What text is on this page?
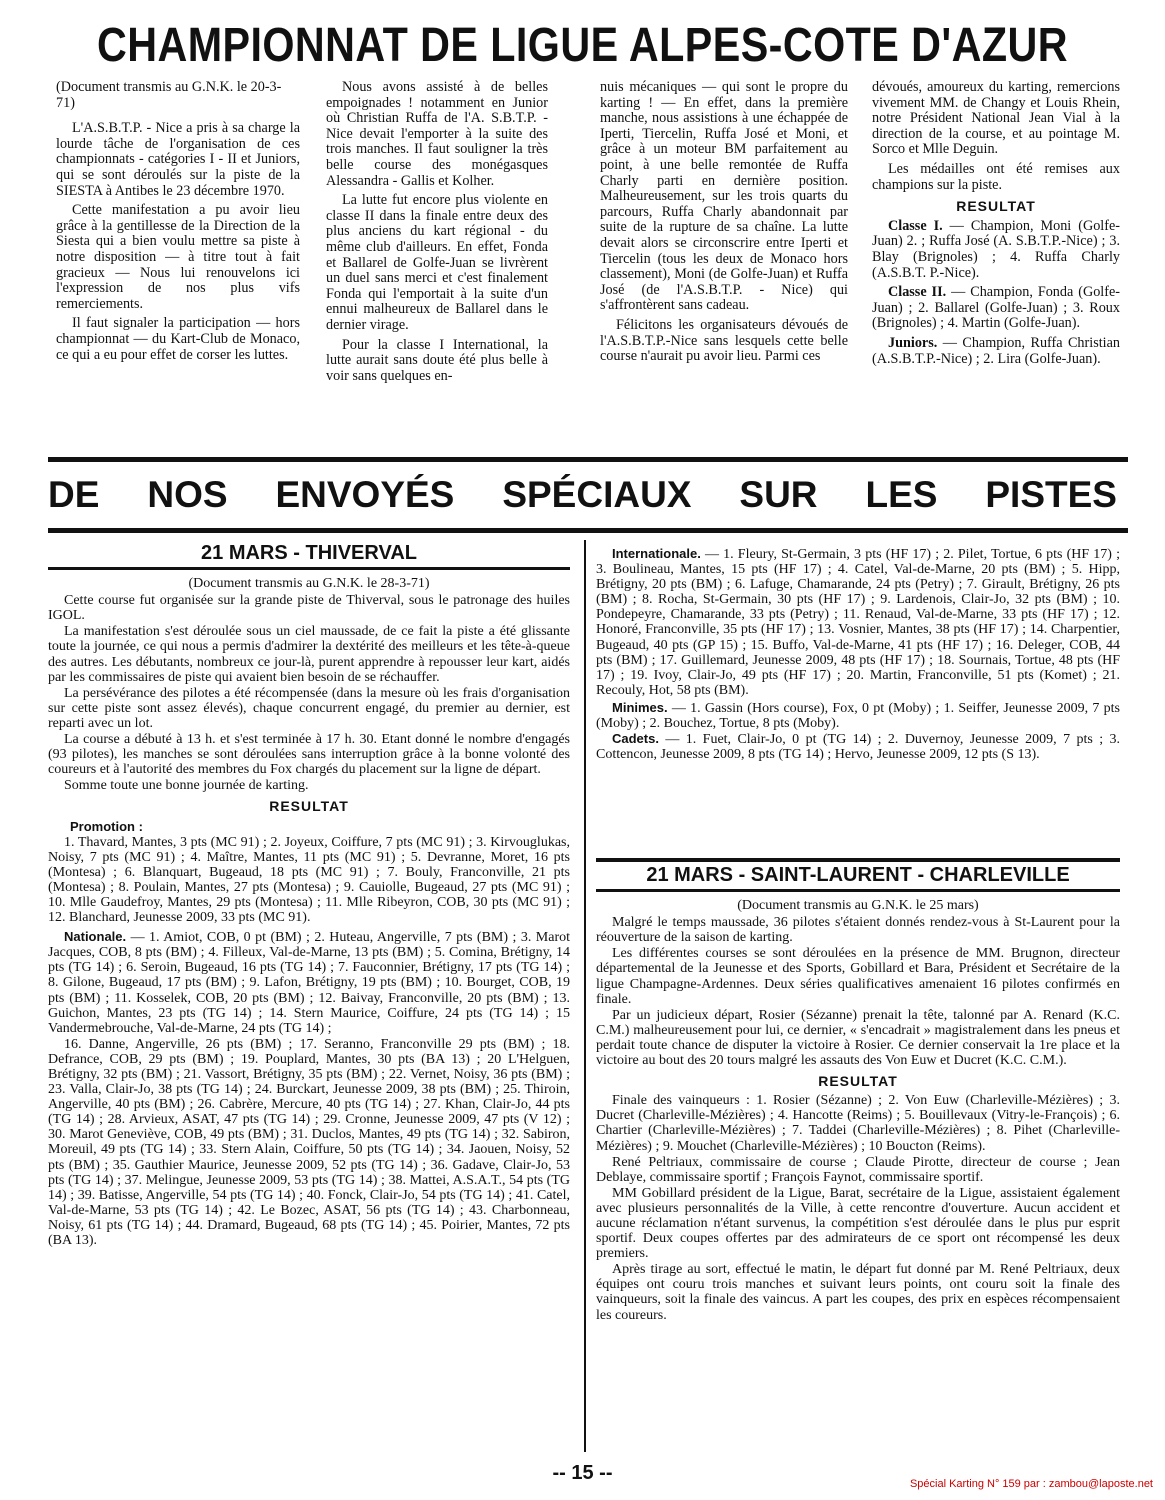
CHAMPIONNAT DE LIGUE ALPES-COTE D'AZUR

(Document transmis au G.N.K. le 20-3-71)

L'A.S.B.T.P. - Nice a pris à sa charge la lourde tâche de l'organisation de ces championnats - catégories I - II et Juniors, qui se sont déroulés sur la piste de la SIESTA à Antibes le 23 décembre 1970.

Cette manifestation a pu avoir lieu grâce à la gentillesse de la Direction de la Siesta qui a bien voulu mettre sa piste à notre disposition — à titre tout à fait gracieux — Nous lui renouvelons ici l'expression de nos plus vifs remerciements.

Il faut signaler la participation — hors championnat — du Kart-Club de Monaco, ce qui a eu pour effet de corser les luttes.

Nous avons assisté à de belles empoignades ! notamment en Junior où Christian Ruffa de l'A. S.B.T.P. - Nice devait l'emporter à la suite des trois manches. Il faut souligner la très belle course des monégasques Alessandra - Gallis et Kolher.

La lutte fut encore plus violente en classe II dans la finale entre deux des plus anciens du kart régional - du même club d'ailleurs. En effet, Fonda et Ballarel de Golfe-Juan se livrèrent un duel sans merci et c'est finalement Fonda qui l'emportait à la suite d'un ennui malheureux de Ballarel dans le dernier virage.

Pour la classe I International, la lutte aurait sans doute été plus belle à voir sans quelques en-

nuis mécaniques — qui sont le propre du karting ! — En effet, dans la première manche, nous assistions à une échappée de Iperti, Tiercelin, Ruffa José et Moni, et grâce à un moteur BM parfaitement au point, à une belle remontée de Ruffa Charly parti en dernière position. Malheureusement, sur les trois quarts du parcours, Ruffa Charly abandonnait par suite de la rupture de sa chaîne. La lutte devait alors se circonscrire entre Iperti et Tiercelin (tous les deux de Monaco hors classement), Moni (de Golfe-Juan) et Ruffa José (de l'A.S.B.T.P. - Nice) qui s'affrontèrent sans cadeau.

Félicitons les organisateurs dévoués de l'A.S.B.T.P.-Nice sans lesquels cette belle course n'aurait pu avoir lieu. Parmi ces

dévoués, amoureux du karting, remercions vivement MM. de Changy et Louis Rhein, notre Président National Jean Vial à la direction de la course, et au pointage M. Sorco et Mlle Deguin.

Les médailles ont été remises aux champions sur la piste.

RESULTAT

Classe I. — Champion, Moni (Golfe-Juan) 2. ; Ruffa José (A. S.B.T.P.-Nice) ; 3. Blay (Brignoles) ; 4. Ruffa Charly (A.S.B.T. P.-Nice).

Classe II. — Champion, Fonda (Golfe-Juan) ; 2. Ballarel (Golfe-Juan) ; 3. Roux (Brignoles) ; 4. Martin (Golfe-Juan).

Juniors. — Champion, Ruffa Christian (A.S.B.T.P.-Nice) ; 2. Lira (Golfe-Juan).

DE NOS ENVOYÉS SPÉCIAUX SUR LES PISTES
21 MARS - THIVERVAL
(Document transmis au G.N.K. le 28-3-71)

Cette course fut organisée sur la grande piste de Thiverval, sous le patronage des huiles IGOL.

La manifestation s'est déroulée sous un ciel maussade, de ce fait la piste a été glissante toute la journée, ce qui nous a permis d'admirer la dextérité des meilleurs et les tête-à-queue des autres. Les débutants, nombreux ce jour-là, purent apprendre à repousser leur kart, aidés par les commissaires de piste qui avaient bien besoin de se réchauffer.

La persévérance des pilotes a été récompensée (dans la mesure où les frais d'organisation sur cette piste sont assez élevés), chaque concurrent engagé, du premier au dernier, est reparti avec un lot.

La course a débuté à 13 h. et s'est terminée à 17 h. 30. Etant donné le nombre d'engagés (93 pilotes), les manches se sont déroulées sans interruption grâce à la bonne volonté des coureurs et à l'autorité des membres du Fox chargés du placement sur la ligne de départ.

Somme toute une bonne journée de karting.

RESULTAT

Promotion :

1. Thavard, Mantes, 3 pts (MC 91) ; 2. Joyeux, Coiffure, 7 pts (MC 91) ; 3. Kirvouglukas, Noisy, 7 pts (MC 91) ; 4. Maître, Mantes, 11 pts (MC 91) ; 5. Devranne, Moret, 16 pts (Montesa) ; 6. Blanquart, Bugeaud, 18 pts (MC 91) ; 7. Bouly, Franconville, 21 pts (Montesa) ; 8. Poulain, Mantes, 27 pts (Montesa) ; 9. Cauiolle, Bugeaud, 27 pts (MC 91) ; 10. Mlle Gaudefroy, Mantes, 29 pts (Montesa) ; 11. Mlle Ribeyron, COB, 30 pts (MC 91) ; 12. Blanchard, Jeunesse 2009, 33 pts (MC 91).

Nationale. — 1. Amiot, COB, 0 pt (BM) ; 2. Huteau, Angerville, 7 pts (BM) ; 3. Marot Jacques, COB, 8 pts (BM) ; 4. Filleux, Val-de-Marne, 13 pts (BM) ; 5. Comina, Brétigny, 14 pts (TG 14) ; 6. Seroin, Bugeaud, 16 pts (TG 14) ; 7. Fauconnier, Brétigny, 17 pts (TG 14) ; 8. Gilone, Bugeaud, 17 pts (BM) ; 9. Lafon, Brétigny, 19 pts (BM) ; 10. Bourget, COB, 19 pts (BM) ; 11. Kosselek, COB, 20 pts (BM) ; 12. Baivay, Franconville, 20 pts (BM) ; 13. Guichon, Mantes, 23 pts (TG 14) ; 14. Stern Maurice, Coiffure, 24 pts (TG 14) ; 15 Vandermebrouche, Val-de-Marne, 24 pts (TG 14) ;

16. Danne, Angerville, 26 pts (BM) ; 17. Seranno, Franconville 29 pts (BM) ; 18. Defrance, COB, 29 pts (BM) ; 19. Pouplard, Mantes, 30 pts (BA 13) ; 20 L'Helguen, Brétigny, 32 pts (BM) ; 21. Vassort, Brétigny, 35 pts (BM) ; 22. Vernet, Noisy, 36 pts (BM) ; 23. Valla, Clair-Jo, 38 pts (TG 14) ; 24. Burckart, Jeunesse 2009, 38 pts (BM) ; 25. Thiroin, Angerville, 40 pts (BM) ; 26. Cabrère, Mercure, 40 pts (TG 14) ; 27. Khan, Clair-Jo, 44 pts (TG 14) ; 28. Arvieux, ASAT, 47 pts (TG 14) ; 29. Cronne, Jeunesse 2009, 47 pts (V 12) ; 30. Marot Geneviève, COB, 49 pts (BM) ; 31. Duclos, Mantes, 49 pts (TG 14) ; 32. Sabiron, Moreuil, 49 pts (TG 14) ; 33. Stern Alain, Coiffure, 50 pts (TG 14) ; 34. Jaouen, Noisy, 52 pts (BM) ; 35. Gauthier Maurice, Jeunesse 2009, 52 pts (TG 14) ; 36. Gadave, Clair-Jo, 53 pts (TG 14) ; 37. Melingue, Jeunesse 2009, 53 pts (TG 14) ; 38. Mattei, A.S.A.T., 54 pts (TG 14) ; 39. Batisse, Angerville, 54 pts (TG 14) ; 40. Fonck, Clair-Jo, 54 pts (TG 14) ; 41. Catel, Val-de-Marne, 53 pts (TG 14) ; 42. Le Bozec, ASAT, 56 pts (TG 14) ; 43. Charbonneau, Noisy, 61 pts (TG 14) ; 44. Dramard, Bugeaud, 68 pts (TG 14) ; 45. Poirier, Mantes, 72 pts (BA 13).

Internationale. — 1. Fleury, St-Germain, 3 pts (HF 17) ; 2. Pilet, Tortue, 6 pts (HF 17) ; 3. Boulineau, Mantes, 15 pts (HF 17) ; 4. Catel, Val-de-Marne, 20 pts (BM) ; 5. Hipp, Brétigny, 20 pts (BM) ; 6. Lafuge, Chamarande, 24 pts (Petry) ; 7. Girault, Brétigny, 26 pts (BM) ; 8. Rocha, St-Germain, 30 pts (HF 17) ; 9. Lardenois, Clair-Jo, 32 pts (BM) ; 10. Pondepeyre, Chamarande, 33 pts (Petry) ; 11. Renaud, Val-de-Marne, 33 pts (HF 17) ; 12. Honoré, Franconville, 35 pts (HF 17) ; 13. Vosnier, Mantes, 38 pts (HF 17) ; 14. Charpentier, Bugeaud, 40 pts (GP 15) ; 15. Buffo, Val-de-Marne, 41 pts (HF 17) ; 16. Deleger, COB, 44 pts (BM) ; 17. Guillemard, Jeunesse 2009, 48 pts (HF 17) ; 18. Sournais, Tortue, 48 pts (HF 17) ; 19. Ivoy, Clair-Jo, 49 pts (HF 17) ; 20. Martin, Franconville, 51 pts (Komet) ; 21. Recouly, Hot, 58 pts (BM).

Minimes. — 1. Gassin (Hors course), Fox, 0 pt (Moby) ; 1. Seiffer, Jeunesse 2009, 7 pts (Moby) ; 2. Bouchez, Tortue, 8 pts (Moby).

Cadets. — 1. Fuet, Clair-Jo, 0 pt (TG 14) ; 2. Duvernoy, Jeunesse 2009, 7 pts ; 3. Cottencon, Jeunesse 2009, 8 pts (TG 14) ; Hervo, Jeunesse 2009, 12 pts (S 13).

21 MARS - SAINT-LAURENT - CHARLEVILLE
(Document transmis au G.N.K. le 25 mars)

Malgré le temps maussade, 36 pilotes s'étaient donnés rendez-vous à St-Laurent pour la réouverture de la saison de karting.

Les différentes courses se sont déroulées en la présence de MM. Brugnon, directeur départemental de la Jeunesse et des Sports, Gobillard et Bara, Président et Secrétaire de la ligue Champagne-Ardennes. Deux séries qualificatives amenaient 16 pilotes confirmés en finale.

Par un judicieux départ, Rosier (Sézanne) prenait la tête, talonné par A. Renard (K.C. C.M.) malheureusement pour lui, ce dernier, « s'encadrait » magistralement dans les pneus et perdait toute chance de disputer la victoire à Rosier. Ce dernier conservait la 1re place et la victoire au bout des 20 tours malgré les assauts des Von Euw et Ducret (K.C. C.M.).

RESULTAT

Finale des vainqueurs : 1. Rosier (Sézanne) ; 2. Von Euw (Charleville-Mézières) ; 3. Ducret (Charleville-Mézières) ; 4. Hancotte (Reims) ; 5. Bouillevaux (Vitry-le-François) ; 6. Chartier (Charleville-Mézières) ; 7. Taddei (Charleville-Mézières) ; 8. Pihet (Charleville-Mézières) ; 9. Mouchet (Charleville-Mézières) ; 10 Boucton (Reims).

René Peltriaux, commissaire de course ; Claude Pirotte, directeur de course ; Jean Deblaye, commissaire sportif ; François Faynot, commissaire sportif.

MM Gobillard président de la Ligue, Barat, secrétaire de la Ligue, assistaient également avec plusieurs personnalités de la Ville, à cette rencontre d'ouverture. Aucun accident et aucune réclamation n'étant survenus, la compétition s'est déroulée dans le plus pur esprit sportif. Deux coupes offertes par des admirateurs de ce sport ont récompensé les deux premiers.

Après tirage au sort, effectué le matin, le départ fut donné par M. René Peltriaux, deux équipes ont couru trois manches et suivant leurs points, ont couru soit la finale des vainqueurs, soit la finale des vaincus. A part les coupes, des prix en espèces récompensaient les coureurs.

-- 15 --	Spécial Karting N° 159 par : zambou@laposte.net
